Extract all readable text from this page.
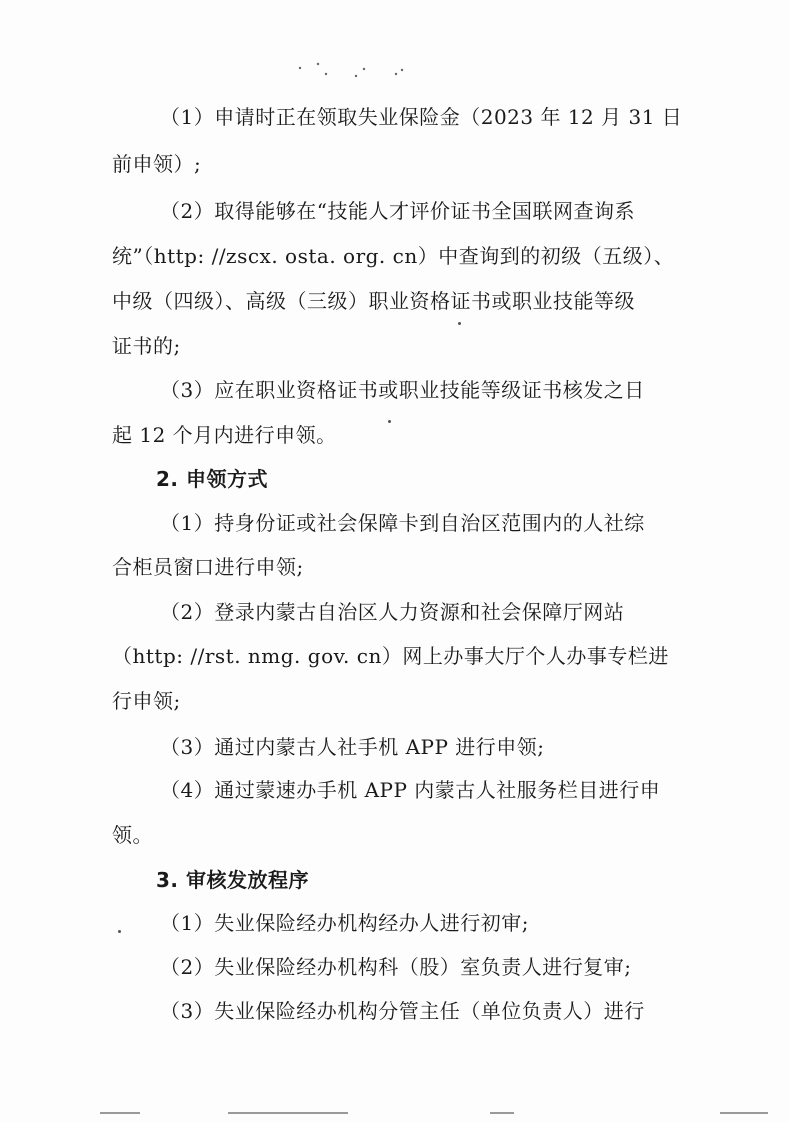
（1）申请时正在领取失业保险金（2023 年 12 月 31 日
前申领）;
（2）取得能够在“技能人才评价证书全国联网查询系
统”（http: //zscx. osta. org. cn）中查询到的初级（五级）、
中级（四级）、高级（三级）职业资格证书或职业技能等级
证书的;
（3）应在职业资格证书或职业技能等级证书核发之日
起 12 个月内进行申领。
2. 申领方式
（1）持身份证或社会保障卡到自治区范围内的人社综
合柜员窗口进行申领;
（2）登录内蒙古自治区人力资源和社会保障厅网站
（http: //rst. nmg. gov. cn）网上办事大厅个人办事专栏进
行申领;
（3）通过内蒙古人社手机 APP 进行申领;
（4）通过蒙速办手机 APP 内蒙古人社服务栏目进行申
领。
3. 审核发放程序
（1）失业保险经办机构经办人进行初审;
（2）失业保险经办机构科（股）室负责人进行复审;
（3）失业保险经办机构分管主任（单位负责人）进行
